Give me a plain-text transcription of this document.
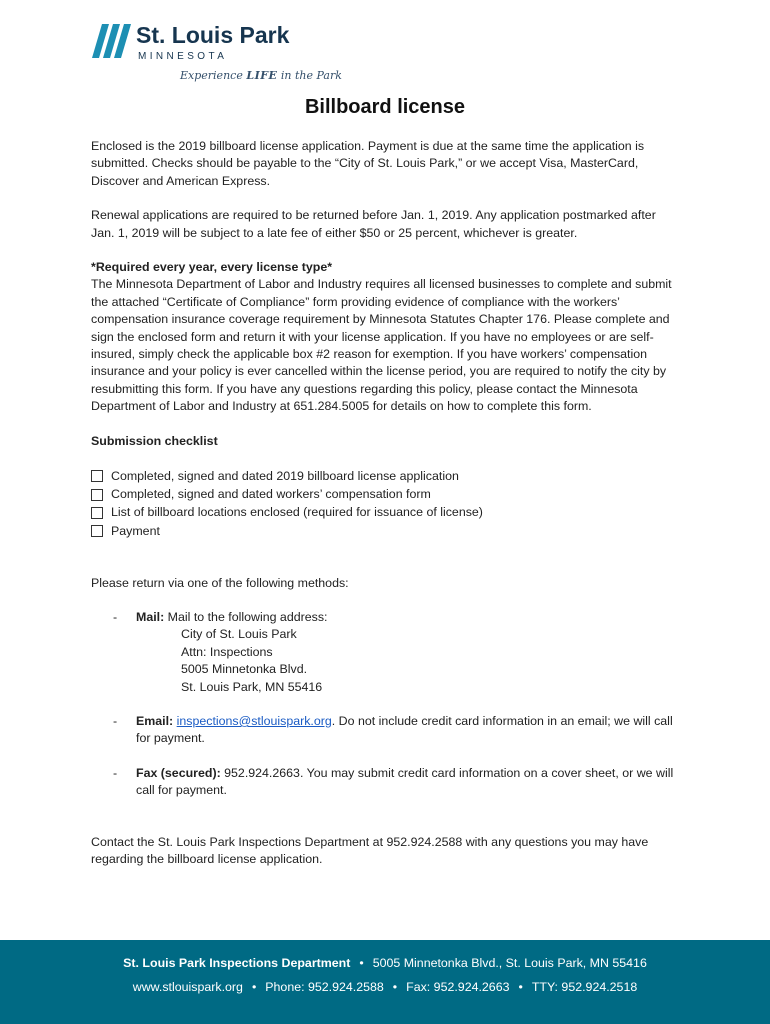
St. Louis Park
MINNESOTA
Experience LIFE in the Park
Billboard license

Enclosed is the 2019 billboard license application. Payment is due at the same time the application is submitted. Checks should be payable to the “City of St. Louis Park,” or we accept Visa, MasterCard, Discover and American Express.

Renewal applications are required to be returned before Jan. 1, 2019. Any application postmarked after Jan. 1, 2019 will be subject to a late fee of either $50 or 25 percent, whichever is greater.

*Required every year, every license type*
The Minnesota Department of Labor and Industry requires all licensed businesses to complete and submit the attached “Certificate of Compliance” form providing evidence of compliance with the workers’ compensation insurance coverage requirement by Minnesota Statutes Chapter 176. Please complete and sign the enclosed form and return it with your license application. If you have no employees or are self-insured, simply check the applicable box #2 reason for exemption. If you have workers’ compensation insurance and your policy is ever cancelled within the license period, you are required to notify the city by resubmitting this form. If you have any questions regarding this policy, please contact the Minnesota Department of Labor and Industry at 651.284.5005 for details on how to complete this form.

Submission checklist

Completed, signed and dated 2019 billboard license application
Completed, signed and dated workers’ compensation form
List of billboard locations enclosed (required for issuance of license)
Payment

Please return via one of the following methods:

-	Mail: Mail to the following address:
City of St. Louis Park
Attn: Inspections
5005 Minnetonka Blvd.
St. Louis Park, MN 55416
-	Email: inspections@stlouispark.org. Do not include credit card information in an email; we will call for payment.
-	Fax (secured): 952.924.2663. You may submit credit card information on a cover sheet, or we will call for payment.

Contact the St. Louis Park Inspections Department at 952.924.2588 with any questions you may have regarding the billboard license application.

St. Louis Park Inspections Department • 5005 Minnetonka Blvd., St. Louis Park, MN 55416
www.stlouispark.org • Phone: 952.924.2588 • Fax: 952.924.2663 • TTY: 952.924.2518
